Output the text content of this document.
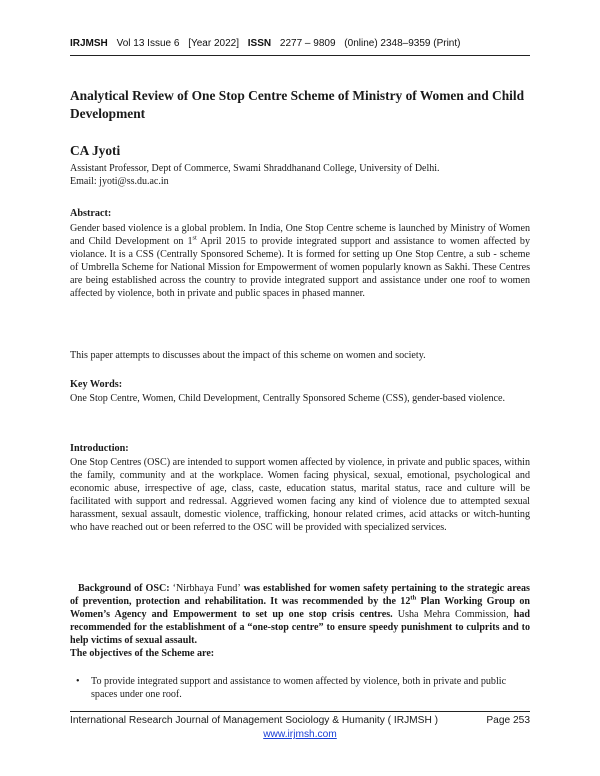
IRJMSH Vol 13 Issue 6 [Year 2022] ISSN 2277 – 9809 (0nline) 2348–9359 (Print)
Analytical Review of One Stop Centre Scheme of Ministry of Women and Child Development
CA Jyoti
Assistant Professor, Dept of Commerce, Swami Shraddhanand College, University of Delhi.
Email: jyoti@ss.du.ac.in
Abstract:

Gender based violence is a global problem. In India, One Stop Centre scheme is launched by Ministry of Women and Child Development on 1st April 2015 to provide integrated support and assistance to women affected by violance. It is a CSS (Centrally Sponsored Scheme). It is formed for setting up One Stop Centre, a sub - scheme of Umbrella Scheme for National Mission for Empowerment of women popularly known as Sakhi. These Centres are being established across the country to provide integrated support and assistance under one roof to women affected by violence, both in private and public spaces in phased manner.

This paper attempts to discusses about the impact of this scheme on women and society.

Key Words:

One Stop Centre, Women, Child Development, Centrally Sponsored Scheme (CSS), gender-based violence.

Introduction:

One Stop Centres (OSC) are intended to support women affected by violence, in private and public spaces, within the family, community and at the workplace. Women facing physical, sexual, emotional, psychological and economic abuse, irrespective of age, class, caste, education status, marital status, race and culture will be facilitated with support and redressal. Aggrieved women facing any kind of violence due to attempted sexual harassment, sexual assault, domestic violence, trafficking, honour related crimes, acid attacks or witch-hunting who have reached out or been referred to the OSC will be provided with specialized services.

Background of OSC: ‘Nirbhaya Fund’ was established for women safety pertaining to the strategic areas of prevention, protection and rehabilitation. It was recommended by the 12th Plan Working Group on Women’s Agency and Empowerment to set up one stop crisis centres. Usha Mehra Commission, had recommended for the establishment of a “one-stop centre” to ensure speedy punishment to culprits and to help victims of sexual assault.
The objectives of the Scheme are:

• To provide integrated support and assistance to women affected by violence, both in private and public spaces under one roof.
International Research Journal of Management Sociology & Humanity ( IRJMSH )	Page 253
www.irjmsh.com
